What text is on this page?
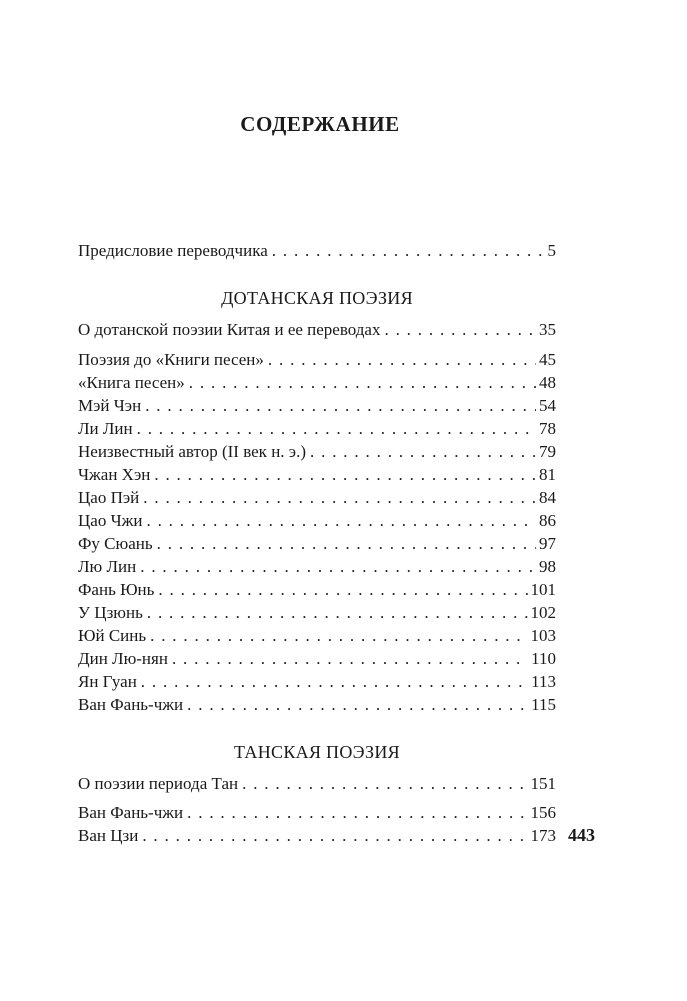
СОДЕРЖАНИЕ
Предисловие переводчика . . .	5
ДОТАНСКАЯ ПОЭЗИЯ
О дотанской поэзии Китая и ее переводах . . .	35
Поэзия до «Книги песен» . . .	45
«Книга песен» . . .	48
Мэй Чэн . . .	54
Ли Лин . . .	78
Неизвестный автор (II век н. э.) . . .	79
Чжан Хэн . . .	81
Цао Пэй . . .	84
Цао Чжи . . .	86
Фу Сюань . . .	97
Лю Лин . . .	98
Фань Юнь . . .	101
У Цзюнь . . .	102
Юй Синь . . .	103
Дин Лю-нян . . .	110
Ян Гуан . . .	113
Ван Фань-чжи . . .	115
ТАНСКАЯ ПОЭЗИЯ
О поэзии периода Тан . . .	151
Ван Фань-чжи . . .	156
Ван Цзи . . .	173 443
